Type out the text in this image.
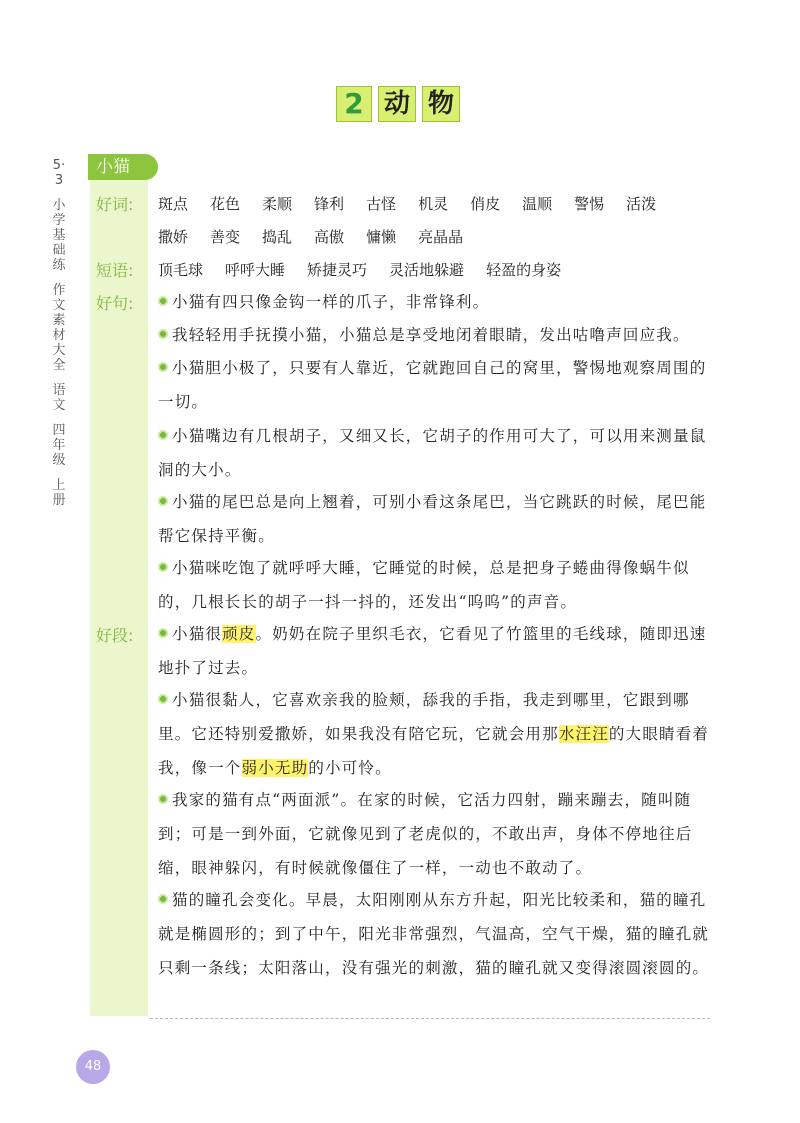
2 动 物
5·3
小学基础练
作文素材大全
语文
四年级
上册
小猫
好词:
短语:
好句:
好段:
斑点 花色 柔顺 锋利 古怪 机灵 俏皮 温顺 警惕 活泼
撒娇 善变 捣乱 高傲 慵懒 亮晶晶
顶毛球 呼呼大睡 矫捷灵巧 灵活地躲避 轻盈的身姿
小猫有四只像金钩一样的爪子，非常锋利。
我轻轻用手抚摸小猫，小猫总是享受地闭着眼睛，发出咕噜声回应我。
小猫胆小极了，只要有人靠近，它就跑回自己的窝里，警惕地观察周围的一切。
小猫嘴边有几根胡子，又细又长，它胡子的作用可大了，可以用来测量鼠洞的大小。
小猫的尾巴总是向上翘着，可别小看这条尾巴，当它跳跃的时候，尾巴能帮它保持平衡。
小猫咪吃饱了就呼呼大睡，它睡觉的时候，总是把身子蜷曲得像蜗牛似的，几根长长的胡子一抖一抖的，还发出“呜呜”的声音。
小猫很顽皮。奶奶在院子里织毛衣，它看见了竹篮里的毛线球，随即迅速地扑了过去。
小猫很黏人，它喜欢亲我的脸颊，舔我的手指，我走到哪里，它跟到哪里。它还特别爱撒娇，如果我没有陪它玩，它就会用那水汪汪的大眼睛看着我，像一个弱小无助的小可怜。
我家的猫有点“两面派”。在家的时候，它活力四射，蹦来蹦去，随叫随到；可是一到外面，它就像见到了老虎似的，不敢出声，身体不停地往后缩，眼神躲闪，有时候就像僵住了一样，一动也不敢动了。
猫的瞳孔会变化。早晨，太阳刚刚从东方升起，阳光比较柔和，猫的瞳孔就是椭圆形的；到了中午，阳光非常强烈，气温高，空气干燥，猫的瞳孔就只剩一条线；太阳落山，没有强光的刺激，猫的瞳孔就又变得滚圆滚圆的。
48
